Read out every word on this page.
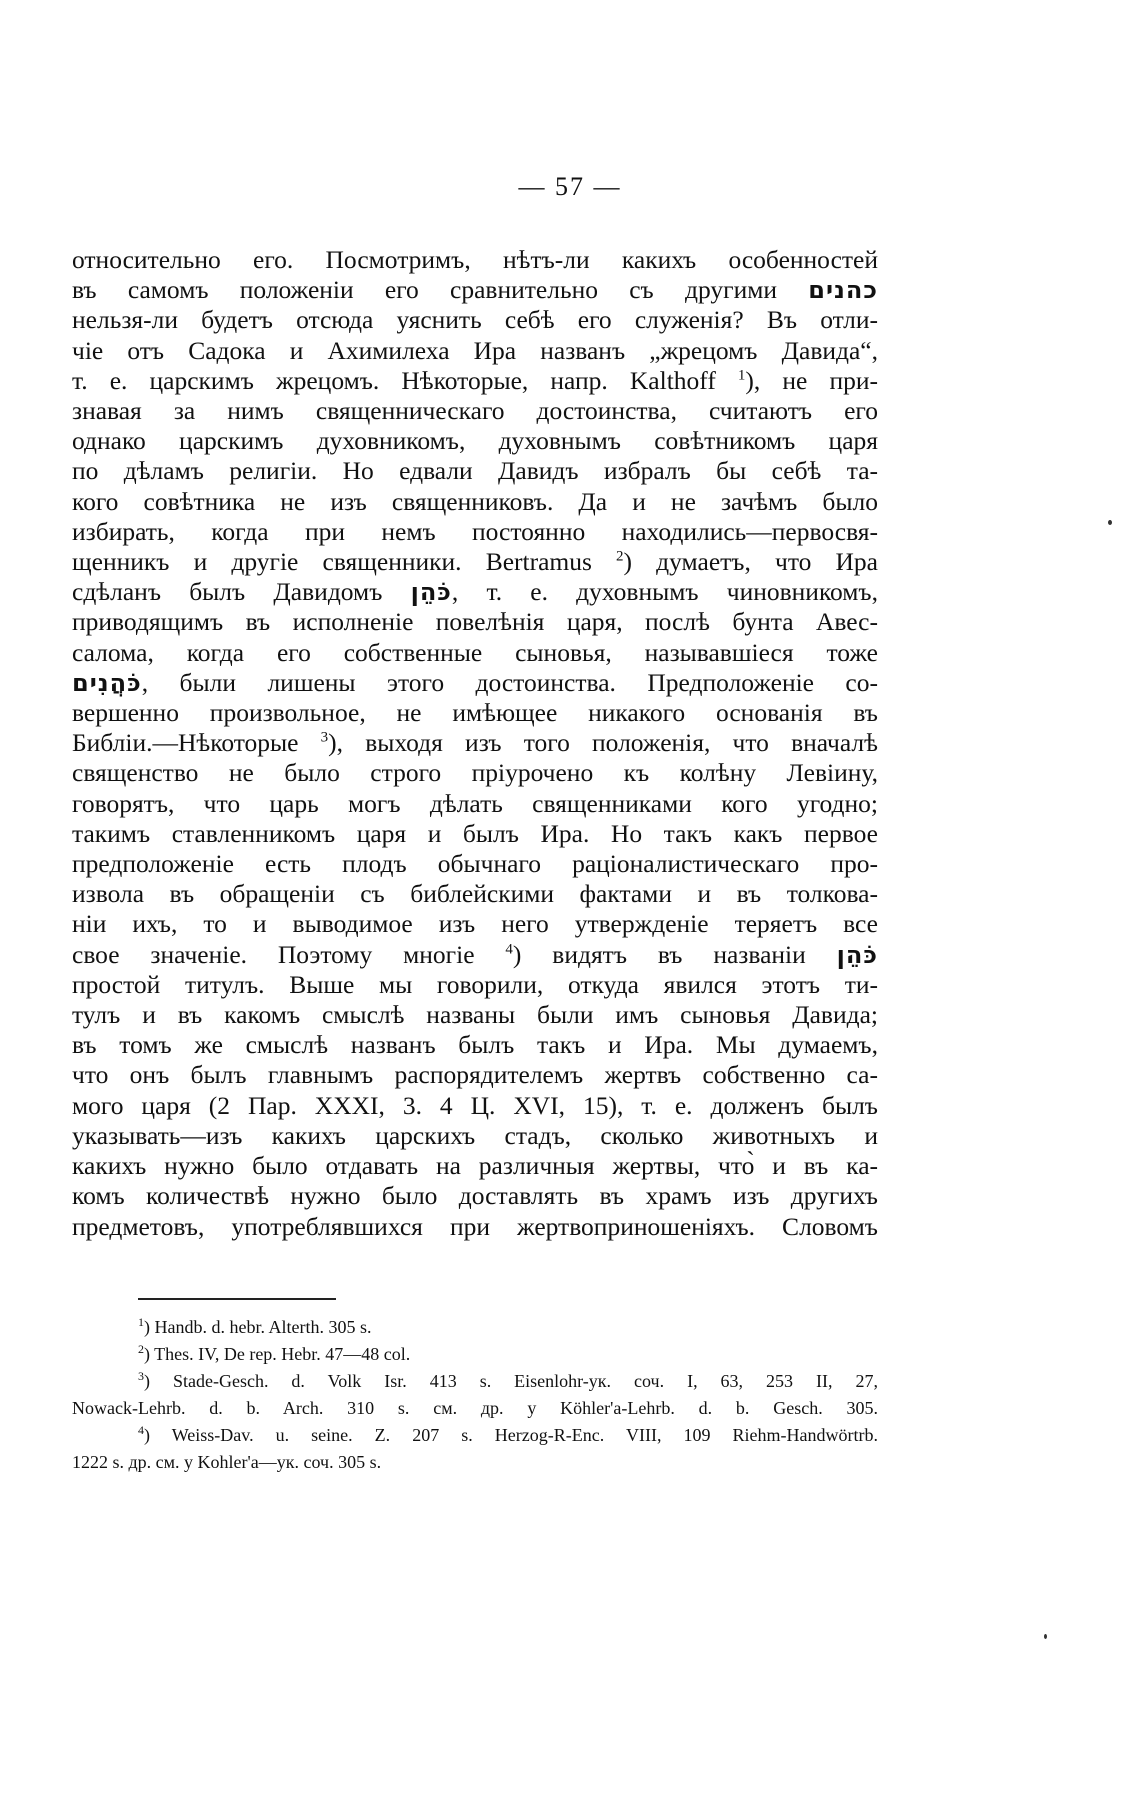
— 57 —
относительно его. Посмотримъ, нѣтъ-ли какихъ особенностей
въ самомъ положеніи его сравнительно съ другими כהנים
нельзя-ли будетъ отсюда уяснить себѣ его служенія? Въ отли-
чіе отъ Садока и Ахимилеха Ира названъ „жрецомъ Давида“,
т. е. царскимъ жрецомъ. Нѣкоторые, напр. Kalthoff $^1$), не при-
знавая за нимъ священническаго достоинства, считаютъ его
однако царскимъ духовникомъ, духовнымъ совѣтникомъ царя
по дѣламъ религіи. Но едвали Давидъ избралъ бы себѣ та-
кого совѣтника не изъ священниковъ. Да и не зачѣмъ было
избирать, когда при немъ постоянно находились—первосвя-
щенникъ и другіе священники. Bertramus $^2$) думаетъ, что Ира
сдѣланъ былъ Давидомъ כֹּהֵן, т. е. духовнымъ чиновникомъ,
приводящимъ въ исполненіе повелѣнія царя, послѣ бунта Авес-
салома, когда его собственные сыновья, называвшіеся тоже
כֹּהֲנִים, были лишены этого достоинства. Предположеніе со-
вершенно произвольное, не имѣющее никакого основанія въ
Библіи.—Нѣкоторые $^3$), выходя изъ того положенія, что вначалѣ
священство не было строго пріурочено къ колѣну Левіину,
говорятъ, что царь могъ дѣлать священниками кого угодно;
такимъ ставленникомъ царя и былъ Ира. Но такъ какъ первое
предположеніе есть плодъ обычнаго раціоналистическаго про-
извола въ обращеніи съ библейскими фактами и въ толкова-
ніи ихъ, то и выводимое изъ него утвержденіе теряетъ все
свое значеніе. Поэтому многіе $^4$) видятъ въ названіи כֹּהֵן
простой титулъ. Выше мы говорили, откуда явился этотъ ти-
тулъ и въ какомъ смыслѣ названы были имъ сыновья Давида;
въ томъ же смыслѣ названъ былъ такъ и Ира. Мы думаемъ,
что онъ былъ главнымъ распорядителемъ жертвъ собственно са-
мого царя (2 Пар. XXXI, 3. 4 Ц. XVI, 15), т. е. долженъ былъ
указывать—изъ какихъ царскихъ стадъ, сколько животныхъ и
какихъ нужно было отдавать на различныя жертвы, что̀ и въ ка-
комъ количествѣ нужно было доставлять въ храмъ изъ другихъ
предметовъ, употреблявшихся при жертвоприношеніяхъ. Словомъ
$^1$) Handb. d. hebr. Alterth. 305 s.
$^2$) Thes. IV, De rep. Hebr. 47—48 col.
$^3$) Stade-Gesch. d. Volk Isr. 413 s. Eisenlohr-ук. соч. I, 63, 253 II, 27,
Nowack-Lehrb. d. b. Arch. 310 s. см. др. у Köhler'a-Lehrb. d. b. Gesch. 305.
$^4$) Weiss-Dav. u. seine. Z. 207 s. Herzog-R-Enc. VIII, 109 Riehm-Handwörtrb.
1222 s. др. см. у Kohler'a—ук. соч. 305 s.
